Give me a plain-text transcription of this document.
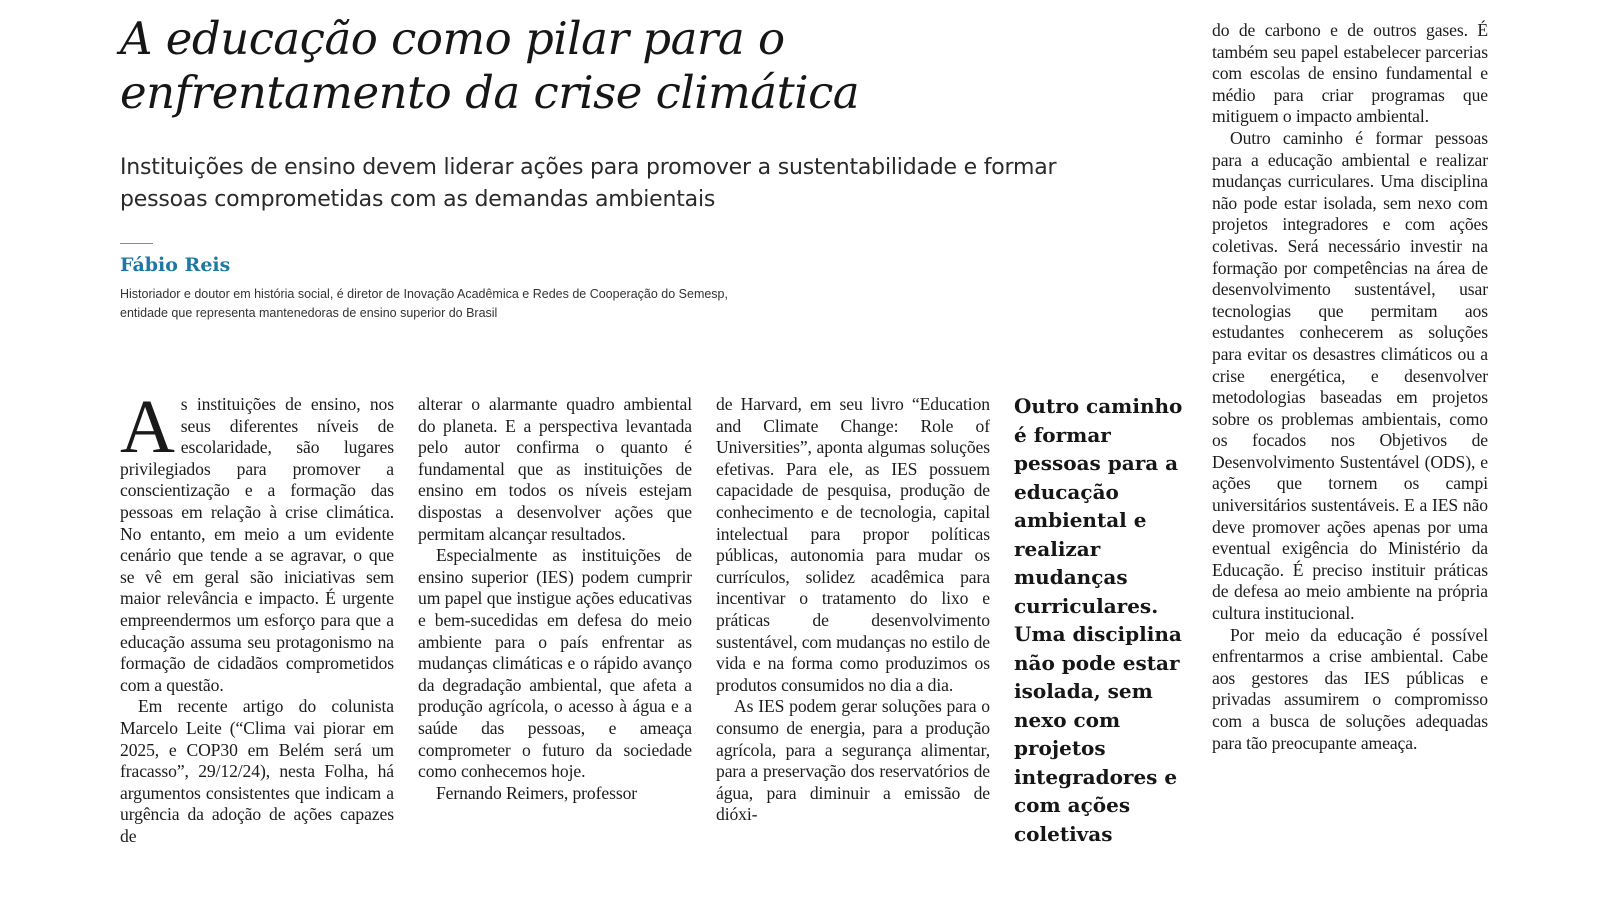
A educação como pilar para o enfrentamento da crise climática

Instituições de ensino devem liderar ações para promover a sustentabilidade e formar pessoas comprometidas com as demandas ambientais

Fábio Reis

Historiador e doutor em história social, é diretor de Inovação Acadêmica e Redes de Cooperação do Semesp, entidade que representa mantenedoras de ensino superior do Brasil

As instituições de ensino, nos seus diferentes níveis de escolaridade, são lugares privilegiados para promover a conscientização e a formação das pessoas em relação à crise climática. No entanto, em meio a um evidente cenário que tende a se agravar, o que se vê em geral são iniciativas sem maior relevância e impacto. É urgente empreendermos um esforço para que a educação assuma seu protagonismo na formação de cidadãos comprometidos com a questão.

Em recente artigo do colunista Marcelo Leite (“Clima vai piorar em 2025, e COP30 em Belém será um fracasso”, 29/12/24), nesta Folha, há argumentos consistentes que indicam a urgência da adoção de ações capazes de

alterar o alarmante quadro ambiental do planeta. E a perspectiva levantada pelo autor confirma o quanto é fundamental que as instituições de ensino em todos os níveis estejam dispostas a desenvolver ações que permitam alcançar resultados.

Especialmente as instituições de ensino superior (IES) podem cumprir um papel que instigue ações educativas e bem-sucedidas em defesa do meio ambiente para o país enfrentar as mudanças climáticas e o rápido avanço da degradação ambiental, que afeta a produção agrícola, o acesso à água e a saúde das pessoas, e ameaça comprometer o futuro da sociedade como conhecemos hoje.

Fernando Reimers, professor

de Harvard, em seu livro “Education and Climate Change: Role of Universities”, aponta algumas soluções efetivas. Para ele, as IES possuem capacidade de pesquisa, produção de conhecimento e de tecnologia, capital intelectual para propor políticas públicas, autonomia para mudar os currículos, solidez acadêmica para incentivar o tratamento do lixo e práticas de desenvolvimento sustentável, com mudanças no estilo de vida e na forma como produzimos os produtos consumidos no dia a dia.

As IES podem gerar soluções para o consumo de energia, para a produção agrícola, para a segurança alimentar, para a preservação dos reservatórios de água, para diminuir a emissão de dióxi-

Outro caminho é formar pessoas para a educação ambiental e realizar mudanças curriculares. Uma disciplina não pode estar isolada, sem nexo com projetos integradores e com ações coletivas

do de carbono e de outros gases. É também seu papel estabelecer parcerias com escolas de ensino fundamental e médio para criar programas que mitiguem o impacto ambiental.

Outro caminho é formar pessoas para a educação ambiental e realizar mudanças curriculares. Uma disciplina não pode estar isolada, sem nexo com projetos integradores e com ações coletivas. Será necessário investir na formação por competências na área de desenvolvimento sustentável, usar tecnologias que permitam aos estudantes conhecerem as soluções para evitar os desastres climáticos ou a crise energética, e desenvolver metodologias baseadas em projetos sobre os problemas ambientais, como os focados nos Objetivos de Desenvolvimento Sustentável (ODS), e ações que tornem os campi universitários sustentáveis. E a IES não deve promover ações apenas por uma eventual exigência do Ministério da Educação. É preciso instituir práticas de defesa ao meio ambiente na própria cultura institucional.

Por meio da educação é possível enfrentarmos a crise ambiental. Cabe aos gestores das IES públicas e privadas assumirem o compromisso com a busca de soluções adequadas para tão preocupante ameaça.
